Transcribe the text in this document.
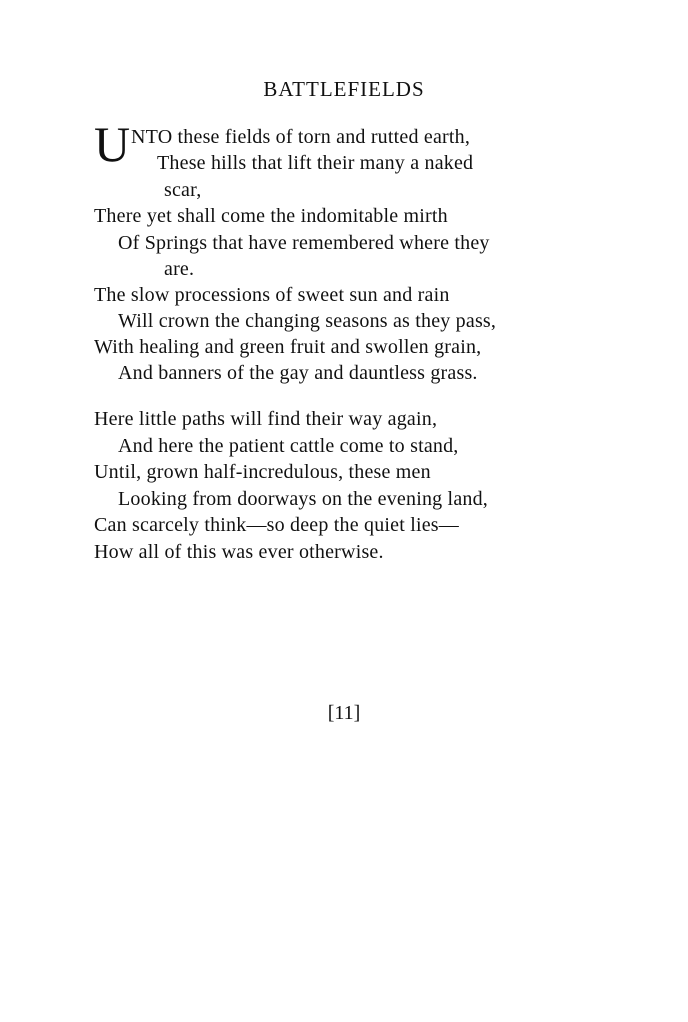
BATTLEFIELDS
U NTO these fields of torn and rutted earth,
These hills that lift their many a naked
scar,
There yet shall come the indomitable mirth
Of Springs that have remembered where they
are.
The slow processions of sweet sun and rain
Will crown the changing seasons as they pass,
With healing and green fruit and swollen grain,
And banners of the gay and dauntless grass.
Here little paths will find their way again,
And here the patient cattle come to stand,
Until, grown half-incredulous, these men
Looking from doorways on the evening land,
Can scarcely think—so deep the quiet lies—
How all of this was ever otherwise.
[11]
